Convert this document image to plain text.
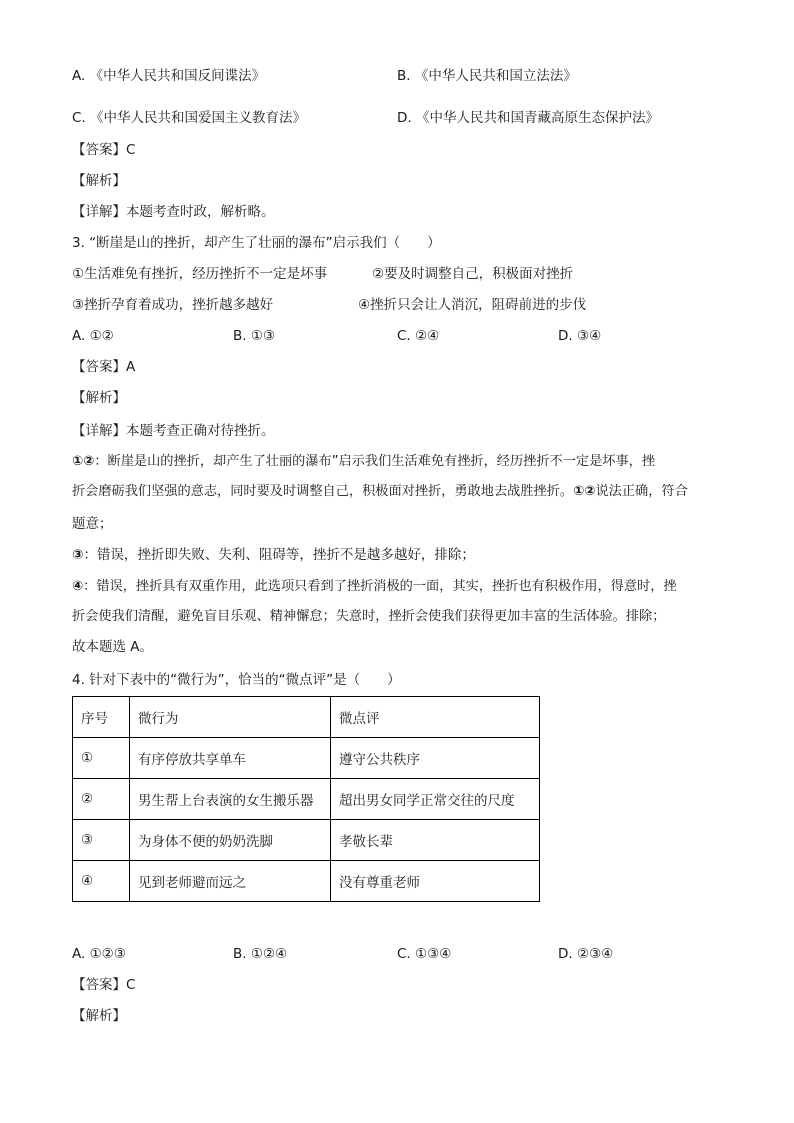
A. 《中华人民共和国反间谍法》	B. 《中华人民共和国立法法》
C. 《中华人民共和国爱国主义教育法》	D. 《中华人民共和国青藏高原生态保护法》
【答案】C
【解析】
【详解】本题考查时政，解析略。
3. “断崖是山的挫折，却产生了壮丽的瀑布”启示我们（　　）
①生活难免有挫折，经历挫折不一定是坏事	②要及时调整自己，积极面对挫折
③挫折孕育着成功，挫折越多越好	④挫折只会让人消沉，阻碍前进的步伐
A. ①②	B. ①③	C. ②④	D. ③④
【答案】A
【解析】
【详解】本题考查正确对待挫折。
①②：断崖是山的挫折，却产生了壮丽的瀑布”启示我们生活难免有挫折，经历挫折不一定是坏事，挫
折会磨砺我们坚强的意志，同时要及时调整自己，积极面对挫折，勇敢地去战胜挫折。①②说法正确，符合
题意；
③：错误，挫折即失败、失利、阻碍等，挫折不是越多越好，排除；
④：错误，挫折具有双重作用，此选项只看到了挫折消极的一面，其实，挫折也有积极作用，得意时，挫
折会使我们清醒，避免盲目乐观、精神懈怠；失意时，挫折会使我们获得更加丰富的生活体验。排除；
故本题选 A。
4. 针对下表中的“微行为”，恰当的“微点评”是（　　）
序号	微行为	微点评
①	有序停放共享单车	遵守公共秩序
②	男生帮上台表演的女生搬乐器	超出男女同学正常交往的尺度
③	为身体不便的奶奶洗脚	孝敬长辈
④	见到老师避而远之	没有尊重老师
A. ①②③	B. ①②④	C. ①③④	D. ②③④
【答案】C
【解析】
